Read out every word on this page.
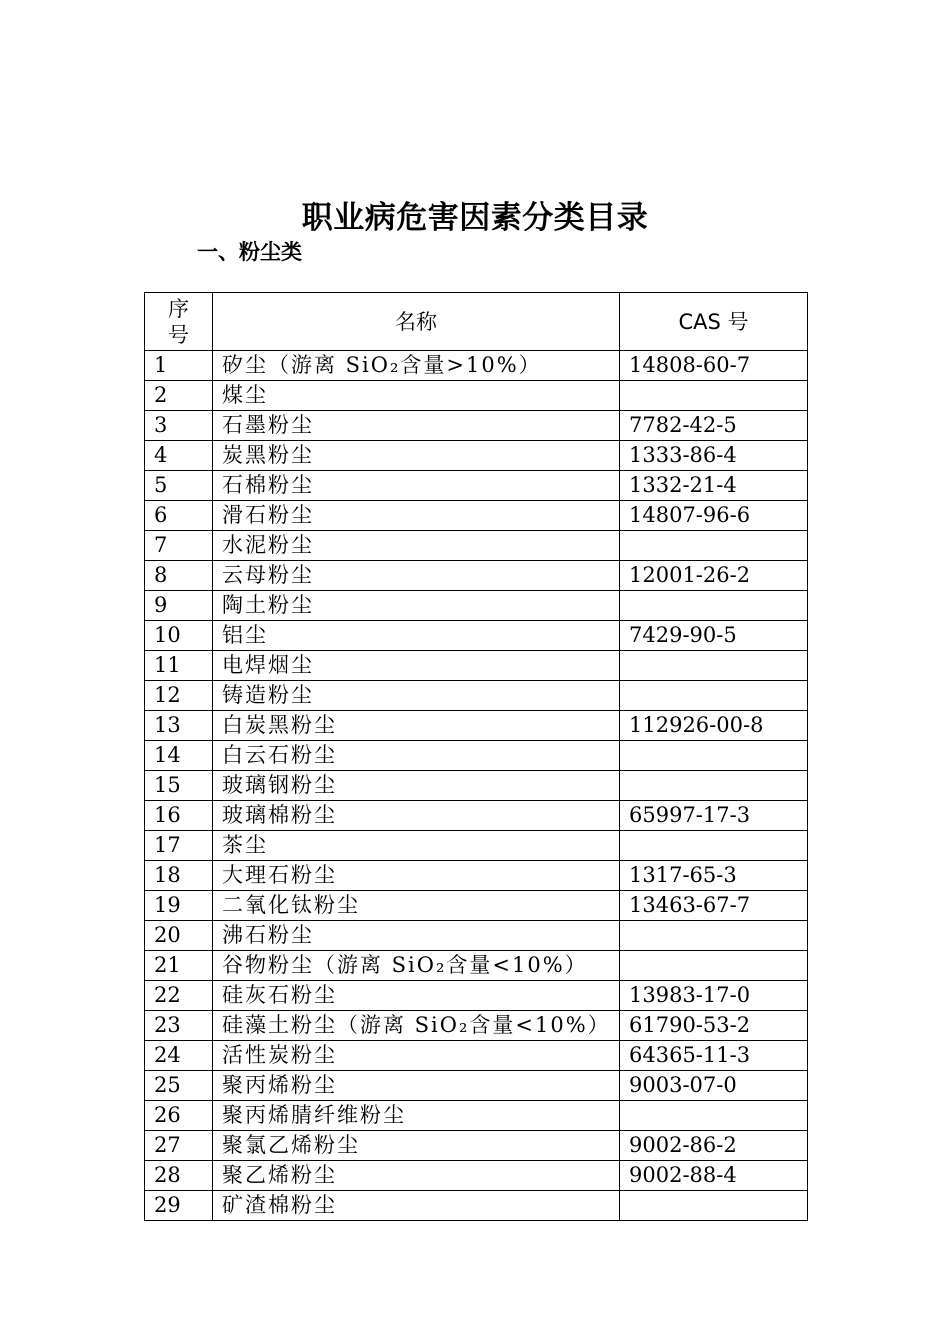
职业病危害因素分类目录
一、粉尘类
序号	名称	CAS 号
1	矽尘（游离 SiO₂含量>10%）	14808-60-7
2	煤尘	
3	石墨粉尘	7782-42-5
4	炭黑粉尘	1333-86-4
5	石棉粉尘	1332-21-4
6	滑石粉尘	14807-96-6
7	水泥粉尘	
8	云母粉尘	12001-26-2
9	陶土粉尘	
10	铝尘	7429-90-5
11	电焊烟尘	
12	铸造粉尘	
13	白炭黑粉尘	112926-00-8
14	白云石粉尘	
15	玻璃钢粉尘	
16	玻璃棉粉尘	65997-17-3
17	茶尘	
18	大理石粉尘	1317-65-3
19	二氧化钛粉尘	13463-67-7
20	沸石粉尘	
21	谷物粉尘（游离 SiO₂含量<10%）	
22	硅灰石粉尘	13983-17-0
23	硅藻土粉尘（游离 SiO₂含量<10%）	61790-53-2
24	活性炭粉尘	64365-11-3
25	聚丙烯粉尘	9003-07-0
26	聚丙烯腈纤维粉尘	
27	聚氯乙烯粉尘	9002-86-2
28	聚乙烯粉尘	9002-88-4
29	矿渣棉粉尘	
